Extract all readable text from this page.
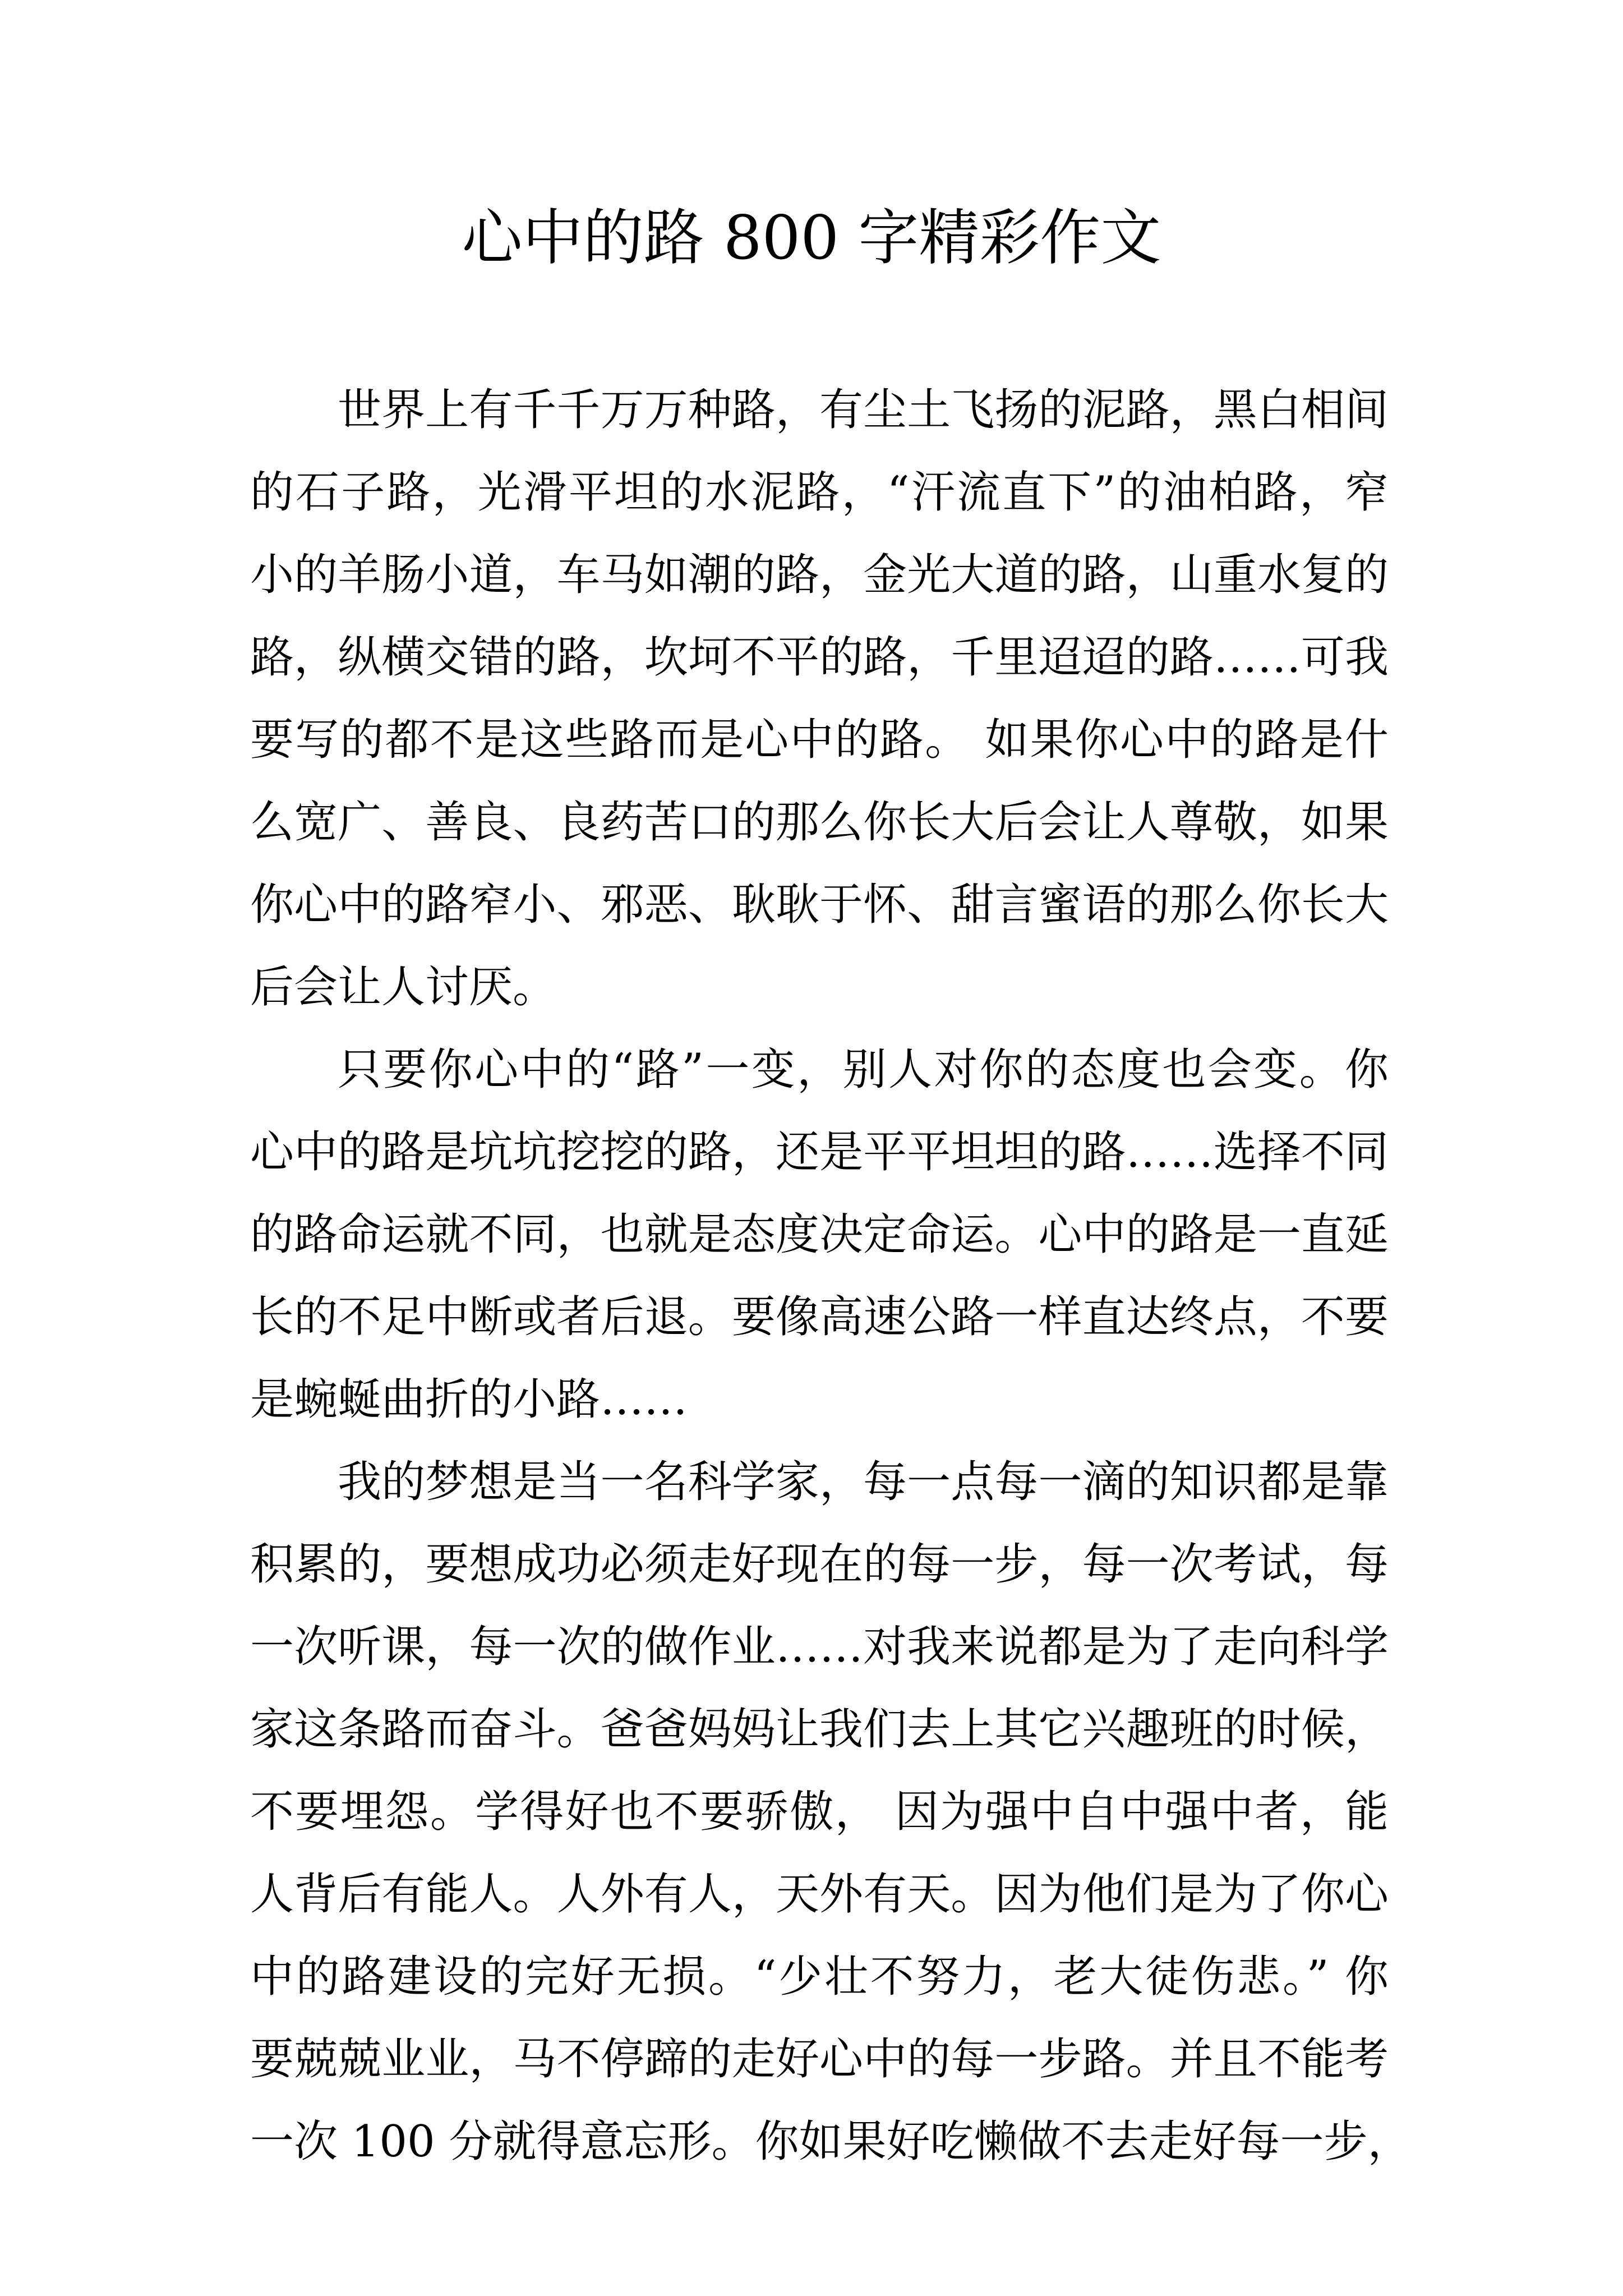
心中的路 800 字精彩作文
世界上有千千万万种路，有尘土飞扬的泥路，黑白相间
的石子路，光滑平坦的水泥路，“汗流直下”的油柏路，窄
小的羊肠小道，车马如潮的路，金光大道的路，山重水复的
路，纵横交错的路，坎坷不平的路，千里迢迢的路……可我
要写的都不是这些路而是心中的路。 如果你心中的路是什
么宽广、善良、良药苦口的那么你长大后会让人尊敬，如果
你心中的路窄小、邪恶、耿耿于怀、甜言蜜语的那么你长大
后会让人讨厌。
只要你心中的“路”一变，别人对你的态度也会变。你
心中的路是坑坑挖挖的路，还是平平坦坦的路……选择不同
的路命运就不同，也就是态度决定命运。心中的路是一直延
长的不足中断或者后退。要像高速公路一样直达终点，不要
是蜿蜒曲折的小路……
我的梦想是当一名科学家，每一点每一滴的知识都是靠
积累的，要想成功必须走好现在的每一步，每一次考试，每
一次听课，每一次的做作业……对我来说都是为了走向科学
家这条路而奋斗。爸爸妈妈让我们去上其它兴趣班的时候，
不要埋怨。学得好也不要骄傲， 因为强中自中强中者，能
人背后有能人。人外有人，天外有天。因为他们是为了你心
中的路建设的完好无损。“少壮不努力，老大徒伤悲。” 你
要兢兢业业，马不停蹄的走好心中的每一步路。并且不能考
一次 100 分就得意忘形。你如果好吃懒做不去走好每一步，
